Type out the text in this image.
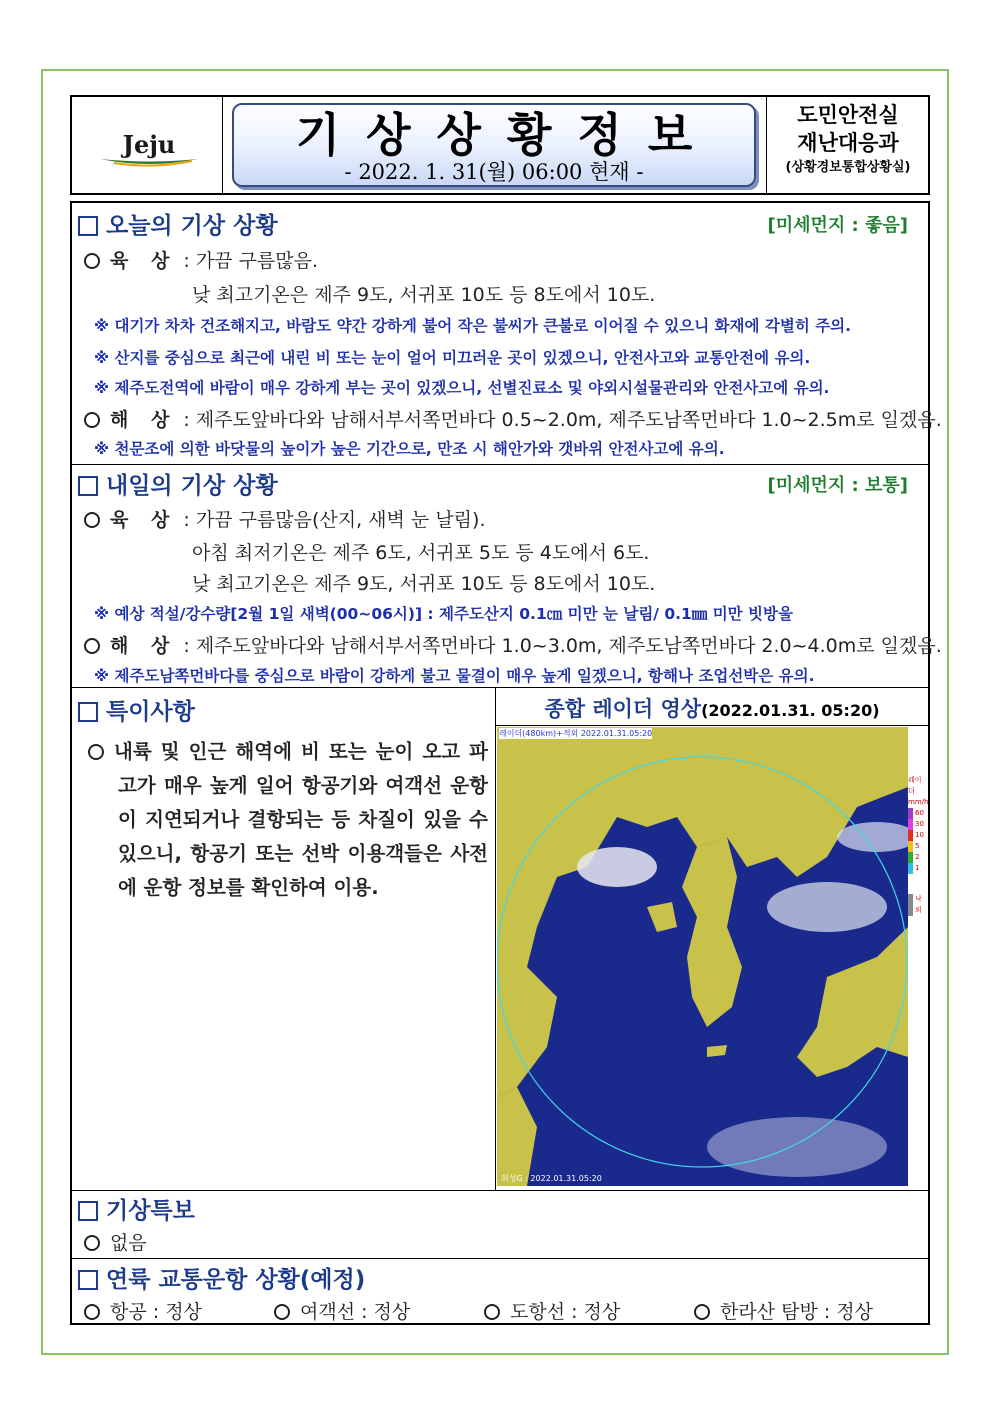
Jeju	기상상황정보
- 2022. 1. 31(월) 06:00 현재 -
도민안전실
재난대응과
(상황경보통합상황실)
오늘의 기상 상황	[미세먼지 : 좋음]
육 상 : 가끔 구름많음.
낮 최고기온은 제주 9도, 서귀포 10도 등 8도에서 10도.
※ 대기가 차차 건조해지고, 바람도 약간 강하게 불어 작은 불씨가 큰불로 이어질 수 있으니 화재에 각별히 주의.
※ 산지를 중심으로 최근에 내린 비 또는 눈이 얼어 미끄러운 곳이 있겠으니, 안전사고와 교통안전에 유의.
※ 제주도전역에 바람이 매우 강하게 부는 곳이 있겠으니, 선별진료소 및 야외시설물관리와 안전사고에 유의.
해 상 : 제주도앞바다와 남해서부서쪽먼바다 0.5~2.0m, 제주도남쪽먼바다 1.0~2.5m로 일겠음.
※ 천문조에 의한 바닷물의 높이가 높은 기간으로, 만조 시 해안가와 갯바위 안전사고에 유의.
내일의 기상 상황	[미세먼지 : 보통]
육 상 : 가끔 구름많음(산지, 새벽 눈 날림).
아침 최저기온은 제주 6도, 서귀포 5도 등 4도에서 6도.
낮 최고기온은 제주 9도, 서귀포 10도 등 8도에서 10도.
※ 예상 적설/강수량[2월 1일 새벽(00~06시)] : 제주도산지 0.1㎝ 미만 눈 날림/ 0.1㎜ 미만 빗방울
해 상 : 제주도앞바다와 남해서부서쪽먼바다 1.0~3.0m, 제주도남쪽먼바다 2.0~4.0m로 일겠음.
※ 제주도남쪽먼바다를 중심으로 바람이 강하게 불고 물결이 매우 높게 일겠으니, 항해나 조업선박은 유의.
특이사항
내륙 및 인근 해역에 비 또는 눈이 오고 파고가 매우 높게 일어 항공기와 여객선 운항이 지연되거나 결항되는 등 차질이 있을 수 있으니, 항공기 또는 선박 이용객들은 사전에 운항 정보를 확인하여 이용.
종합 레이더 영상(2022.01.31. 05:20)
레이더(480km)+적외 2022.01.31.05:20
위성G : 2022.01.31.05:20
레이더
mm/h
60
30
10
5
2
1
낙뢰
기상특보
없음
연륙 교통운항 상황(예정)
항공 : 정상	여객선 : 정상	도항선 : 정상	한라산 탐방 : 정상
